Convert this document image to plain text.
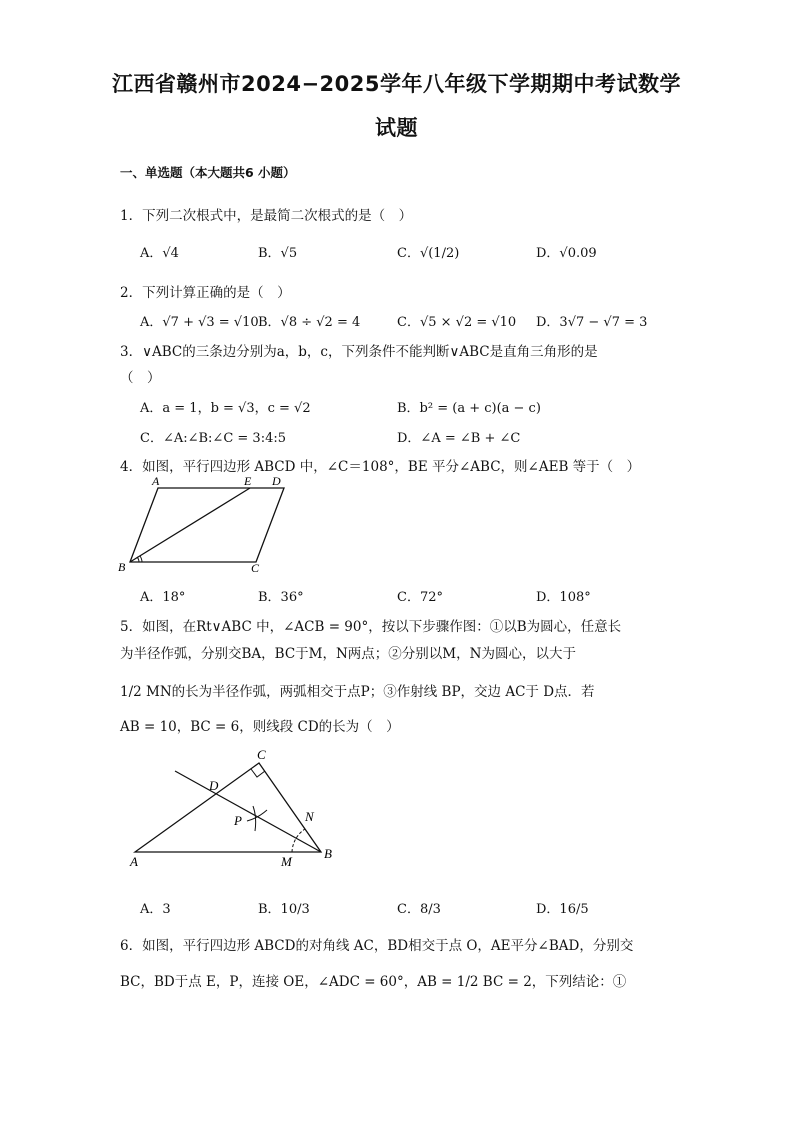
江西省赣州市2024−2025学年八年级下学期期中考试数学
试题
一、单选题（本大题共6 小题）
1．下列二次根式中，是最简二次根式的是（　）
A．√4	B．√5	C．√(1/2)	D．√0.09
2．下列计算正确的是（　）
A．√7 + √3 = √10 B．√8 ÷ √2 = 4	C．√5 × √2 = √10 D．3√7 − √7 = 3
3．∨ABC的三条边分别为a，b，c，下列条件不能判断∨ABC是直角三角形的是
（　）
A．a = 1，b = √3，c = √2	B．b² = (a + c)(a − c)
C．∠A:∠B:∠C = 3:4:5	D．∠A = ∠B + ∠C
4．如图，平行四边形 ABCD 中，∠C＝108°，BE 平分∠ABC，则∠AEB 等于（　）
A	E D
B	C
A．18°	B．36°	C．72°	D．108°
5．如图，在Rt∨ABC 中，∠ACB = 90°，按以下步骤作图：①以B为圆心，任意长
为半径作弧，分别交BA，BC于M，N两点；②分别以M，N为圆心，以大于
1/2 MN的长为半径作弧，两弧相交于点P；③作射线 BP，交边 AC于 D点．若
AB = 10，BC = 6，则线段 CD的长为（　）
C
D
P	N
A	M
B
A．3	B．10/3	C．8/3	D．16/5
6．如图，平行四边形 ABCD的对角线 AC，BD相交于点 O，AE平分∠BAD，分别交
BC，BD于点 E，P，连接 OE，∠ADC = 60°，AB = 1/2 BC = 2，下列结论：①
